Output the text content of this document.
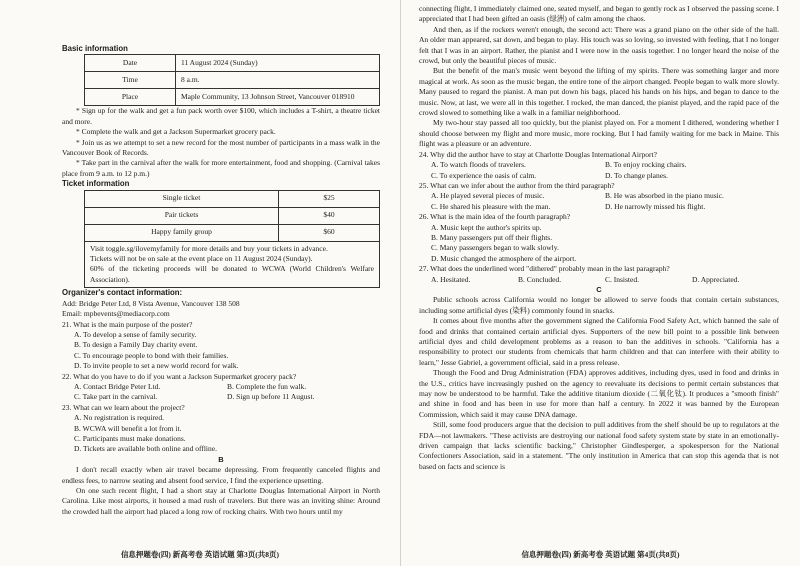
Basic information

Date	11 August 2024 (Sunday)
Time	8 a.m.
Place	Maple Community, 13 Johnson Street, Vancouver 018910

* Sign up for the walk and get a fun pack worth over $100, which includes a T-shirt, a theatre ticket and more.

* Complete the walk and get a Jackson Supermarket grocery pack.

* Join us as we attempt to set a new record for the most number of participants in a mass walk in the Vancouver Book of Records.

* Take part in the carnival after the walk for more entertainment, food and shopping. (Carnival takes place from 9 a.m. to 12 p.m.)

Ticket information

Single ticket	$25
Pair tickets	$40
Happy family group	$60

Visit toggle.sg/ilovemyfamily for more details and buy your tickets in advance.

Tickets will not be on sale at the event place on 11 August 2024 (Sunday).

60% of the ticketing proceeds will be donated to WCWA (World Children's Welfare Association).

Organizer's contact information:

Add: Bridge Peter Ltd, 8 Vista Avenue, Vancouver 138 508

Email: mpbevents@mediacorp.com

21. What is the main purpose of the poster?

A. To develop a sense of family security.

B. To design a Family Day charity event.

C. To encourage people to bond with their families.

D. To invite people to set a new world record for walk.

22. What do you have to do if you want a Jackson Supermarket grocery pack?

A. Contact Bridge Peter Ltd.	B. Complete the fun walk.
C. Take part in the carnival.	D. Sign up before 11 August.

23. What can we learn about the project?

A. No registration is required.

B. WCWA will benefit a lot from it.

C. Participants must make donations.

D. Tickets are available both online and offline.

B

I don't recall exactly when air travel became depressing. From frequently canceled flights and endless fees, to narrow seating and absent food service, I find the experience upsetting.

On one such recent flight, I had a short stay at Charlotte Douglas International Airport in North Carolina. Like most airports, it housed a mad rush of travelers. But there was an inviting shine: Around the crowded hall the airport had placed a long row of rocking chairs. With two hours until my

信息押题卷(四) 新高考卷 英语试题 第3页(共8页)

connecting flight, I immediately claimed one, seated myself, and began to gently rock as I observed the passing scene. I appreciated that I had been gifted an oasis (绿洲) of calm among the chaos.

And then, as if the rockers weren't enough, the second act: There was a grand piano on the other side of the hall. An older man appeared, sat down, and began to play. His touch was so loving, so invested with feeling, that I no longer felt that I was in an airport. Rather, the pianist and I were now in the oasis together. I no longer heard the noise of the crowd, but only the beautiful pieces of music.

But the benefit of the man's music went beyond the lifting of my spirits. There was something larger and more magical at work. As soon as the music began, the entire tone of the airport changed. People began to walk more slowly. Many paused to regard the pianist. A man put down his bags, placed his hands on his hips, and began to dance to the music. Now, at last, we were all in this together. I rocked, the man danced, the pianist played, and the rapid pace of the crowd slowed to something like a walk in a familiar neighborhood.

My two-hour stay passed all too quickly, but the pianist played on. For a moment I dithered, wondering whether I should choose between my flight and more music, more rocking. But I had family waiting for me back in Maine. This flight was a pleasure or an adventure.

24. Why did the author have to stay at Charlotte Douglas International Airport?

A. To watch floods of travelers.	B. To enjoy rocking chairs.
C. To experience the oasis of calm.	D. To change planes.

25. What can we infer about the author from the third paragraph?

A. He played several pieces of music.	B. He was absorbed in the piano music.
C. He shared his pleasure with the man.	D. He narrowly missed his flight.

26. What is the main idea of the fourth paragraph?

A. Music kept the author's spirits up.

B. Many passengers put off their flights.

C. Many passengers began to walk slowly.

D. Music changed the atmosphere of the airport.

27. What does the underlined word "dithered" probably mean in the last paragraph?

A. Hesitated.	B. Concluded.	C. Insisted.	D. Appreciated.

C

Public schools across California would no longer be allowed to serve foods that contain certain substances, including some artificial dyes (染料) commonly found in snacks.

It comes about five months after the government signed the California Food Safety Act, which banned the sale of food and drinks that contained certain artificial dyes. Supporters of the new bill point to a possible link between artificial dyes and child development problems as a reason to ban the additives in schools. "California has a responsibility to protect our students from chemicals that harm children and that can interfere with their ability to learn," Jesse Gabriel, a government official, said in a press release.

Though the Food and Drug Administration (FDA) approves additives, including dyes, used in food and drinks in the U.S., critics have increasingly pushed on the agency to reevaluate its decisions to permit certain substances that may now be understood to be harmful. Take the additive titanium dioxide (二氧化钛). It produces a "smooth finish" and shine in food and has been in use for more than half a century. In 2022 it was banned by the European Commission, which said it may cause DNA damage.

Still, some food producers argue that the decision to pull additives from the shelf should be up to regulators at the FDA—not lawmakers. "These activists are destroying our national food safety system state by state in an emotionally-driven campaign that lacks scientific backing," Christopher Gindlesperger, a spokesperson for the National Confectioners Association, said in a statement. "The only institution in America that can stop this agenda that is not based on facts and science is

信息押题卷(四) 新高考卷 英语试题 第4页(共8页)
